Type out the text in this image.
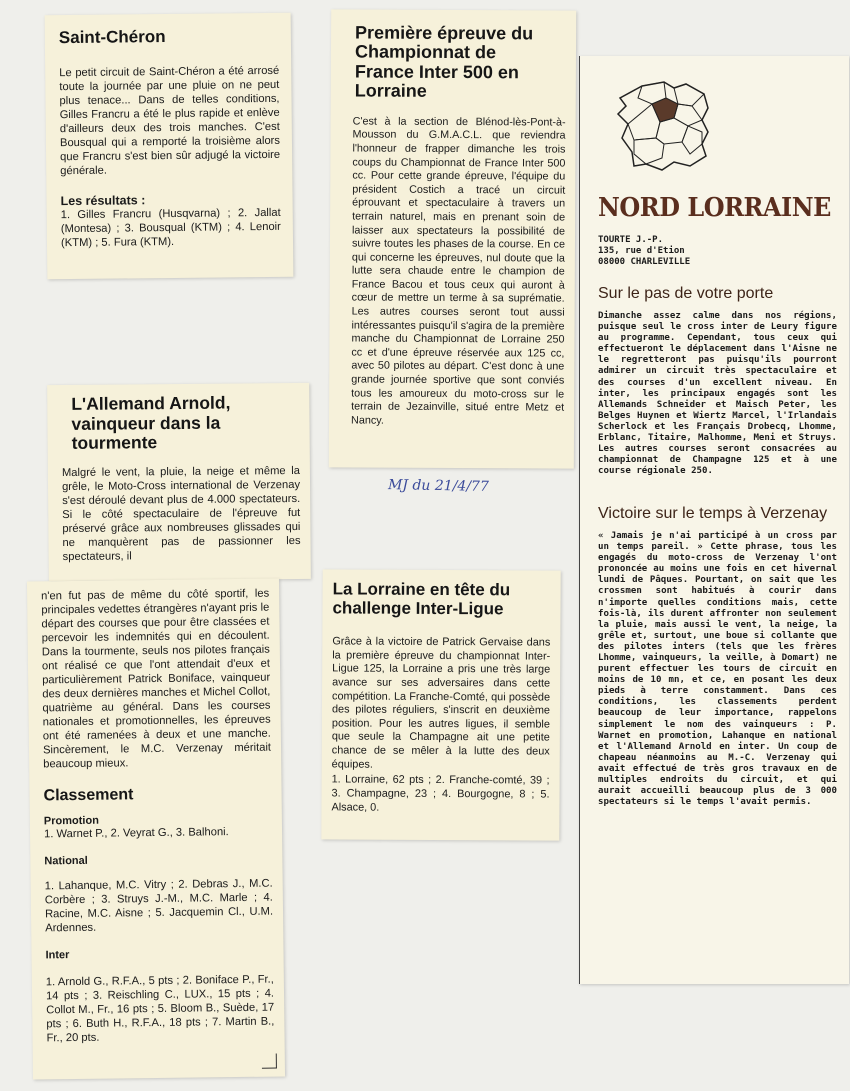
Saint-Chéron

Le petit circuit de Saint-Chéron a été arrosé toute la journée par une pluie on ne peut plus tenace... Dans de telles conditions, Gilles Francru a été le plus rapide et enlève d'ailleurs deux des trois manches. C'est Bousqual qui a remporté la troisième alors que Francru s'est bien sûr adjugé la victoire générale.

Les résultats :

1. Gilles Francru (Husqvarna) ; 2. Jallat (Montesa) ; 3. Bousqual (KTM) ; 4. Lenoir (KTM) ; 5. Fura (KTM).

Première épreuve du Championnat de France Inter 500 en Lorraine

C'est à la section de Blénod-lès-Pont-à-Mousson du G.M.A.C.L. que reviendra l'honneur de frapper dimanche les trois coups du Championnat de France Inter 500 cc. Pour cette grande épreuve, l'équipe du président Costich a tracé un circuit éprouvant et spectaculaire à travers un terrain naturel, mais en prenant soin de laisser aux spectateurs la possibilité de suivre toutes les phases de la course. En ce qui concerne les épreuves, nul doute que la lutte sera chaude entre le champion de France Bacou et tous ceux qui auront à cœur de mettre un terme à sa suprématie. Les autres courses seront tout aussi intéressantes puisqu'il s'agira de la première manche du Championnat de Lorraine 250 cc et d'une épreuve réservée aux 125 cc, avec 50 pilotes au départ. C'est donc à une grande journée sportive que sont conviés tous les amoureux du moto-cross sur le terrain de Jezainville, situé entre Metz et Nancy.

MJ du 21/4/77
NORD LORRAINE
TOURTE J.-P.
135, rue d'Etion
08000 CHARLEVILLE
Sur le pas de votre porte

Dimanche assez calme dans nos régions, puisque seul le cross inter de Leury figure au programme. Cependant, tous ceux qui effectueront le déplacement dans l'Aisne ne le regretteront pas puisqu'ils pourront admirer un circuit très spectaculaire et des courses d'un excellent niveau. En inter, les principaux engagés sont les Allemands Schneider et Maisch Peter, les Belges Huynen et Wiertz Marcel, l'Irlandais Scherlock et les Français Drobecq, Lhomme, Erblanc, Titaire, Malhomme, Meni et Struys. Les autres courses seront consacrées au championnat de Champagne 125 et à une course régionale 250.

Victoire sur le temps à Verzenay

« Jamais je n'ai participé à un cross par un temps pareil. » Cette phrase, tous les engagés du moto-cross de Verzenay l'ont prononcée au moins une fois en cet hivernal lundi de Pâques. Pourtant, on sait que les crossmen sont habitués à courir dans n'importe quelles conditions mais, cette fois-là, ils durent affronter non seulement la pluie, mais aussi le vent, la neige, la grêle et, surtout, une boue si collante que des pilotes inters (tels que les frères Lhomme, vainqueurs, la veille, à Domart) ne purent effectuer les tours de circuit en moins de 10 mn, et ce, en posant les deux pieds à terre constamment. Dans ces conditions, les classements perdent beaucoup de leur importance, rappelons simplement le nom des vainqueurs : P. Warnet en promotion, Lahanque en national et l'Allemand Arnold en inter. Un coup de chapeau néanmoins au M.-C. Verzenay qui avait effectué de très gros travaux en de multiples endroits du circuit, et qui aurait accueilli beaucoup plus de 3 000 spectateurs si le temps l'avait permis.

L'Allemand Arnold, vainqueur dans la tourmente

Malgré le vent, la pluie, la neige et même la grêle, le Moto-Cross international de Verzenay s'est déroulé devant plus de 4.000 spectateurs. Si le côté spectaculaire de l'épreuve fut préservé grâce aux nombreuses glissades qui ne manquèrent pas de passionner les spectateurs, il

n'en fut pas de même du côté sportif, les principales vedettes étrangères n'ayant pris le départ des courses que pour être classées et percevoir les indemnités qui en découlent. Dans la tourmente, seuls nos pilotes français ont réalisé ce que l'ont attendait d'eux et particulièrement Patrick Boniface, vainqueur des deux dernières manches et Michel Collot, quatrième au général. Dans les courses nationales et promotionnelles, les épreuves ont été ramenées à deux et une manche. Sincèrement, le M.C. Verzenay méritait beaucoup mieux.

Classement

Promotion

1. Warnet P., 2. Veyrat G., 3. Balhoni.

National

1. Lahanque, M.C. Vitry ; 2. Debras J., M.C. Corbère ; 3. Struys J.-M., M.C. Marle ; 4. Racine, M.C. Aisne ; 5. Jacquemin Cl., U.M. Ardennes.

Inter

1. Arnold G., R.F.A., 5 pts ; 2. Boniface P., Fr., 14 pts ; 3. Reischling C., LUX., 15 pts ; 4. Collot M., Fr., 16 pts ; 5. Bloom B., Suède, 17 pts ; 6. Buth H., R.F.A., 18 pts ; 7. Martin B., Fr., 20 pts.

La Lorraine en tête du challenge Inter-Ligue

Grâce à la victoire de Patrick Gervaise dans la première épreuve du championnat Inter-Ligue 125, la Lorraine a pris une très large avance sur ses adversaires dans cette compétition. La Franche-Comté, qui possède des pilotes réguliers, s'inscrit en deuxième position. Pour les autres ligues, il semble que seule la Champagne ait une petite chance de se mêler à la lutte des deux équipes.

1. Lorraine, 62 pts ; 2. Franche-comté, 39 ; 3. Champagne, 23 ; 4. Bourgogne, 8 ; 5. Alsace, 0.
